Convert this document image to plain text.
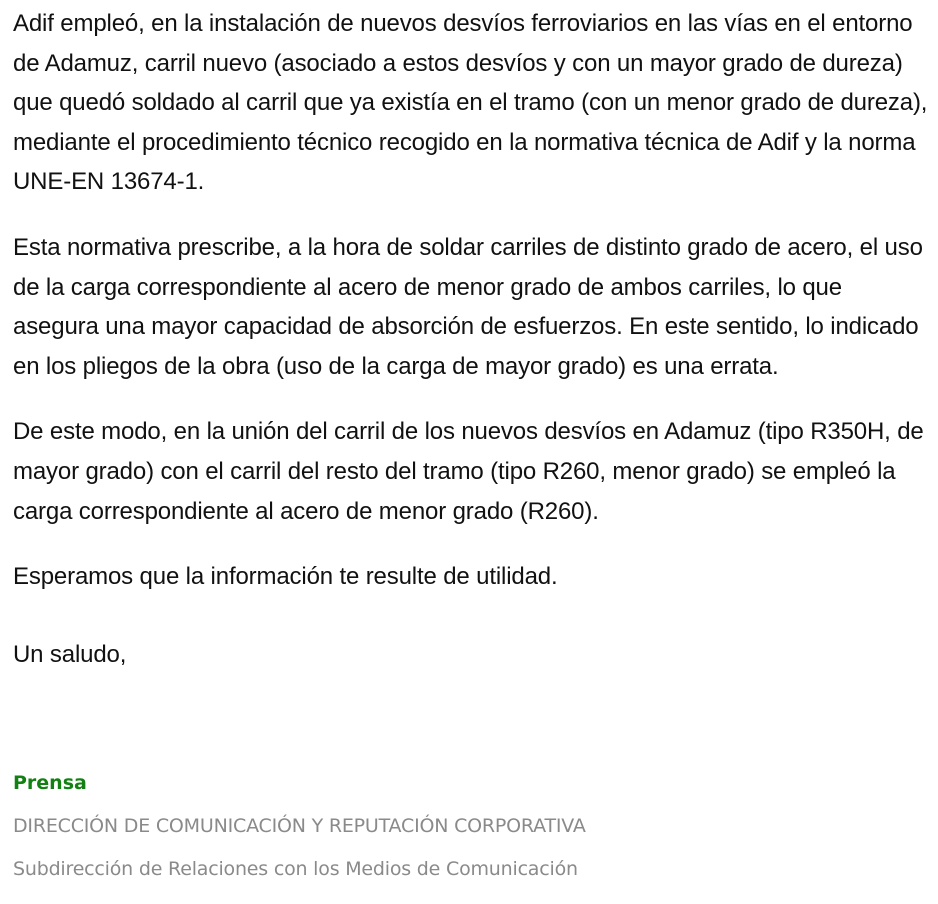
Adif empleó, en la instalación de nuevos desvíos ferroviarios en las vías en el entorno de Adamuz, carril nuevo (asociado a estos desvíos y con un mayor grado de dureza) que quedó soldado al carril que ya existía en el tramo (con un menor grado de dureza), mediante el procedimiento técnico recogido en la normativa técnica de Adif y la norma UNE-EN 13674-1.

Esta normativa prescribe, a la hora de soldar carriles de distinto grado de acero, el uso de la carga correspondiente al acero de menor grado de ambos carriles, lo que asegura una mayor capacidad de absorción de esfuerzos. En este sentido, lo indicado en los pliegos de la obra (uso de la carga de mayor grado) es una errata.

De este modo, en la unión del carril de los nuevos desvíos en Adamuz (tipo R350H, de mayor grado) con el carril del resto del tramo (tipo R260, menor grado) se empleó la carga correspondiente al acero de menor grado (R260).

Esperamos que la información te resulte de utilidad.

Un saludo,

Prensa

DIRECCIÓN DE COMUNICACIÓN Y REPUTACIÓN CORPORATIVA

Subdirección de Relaciones con los Medios de Comunicación
